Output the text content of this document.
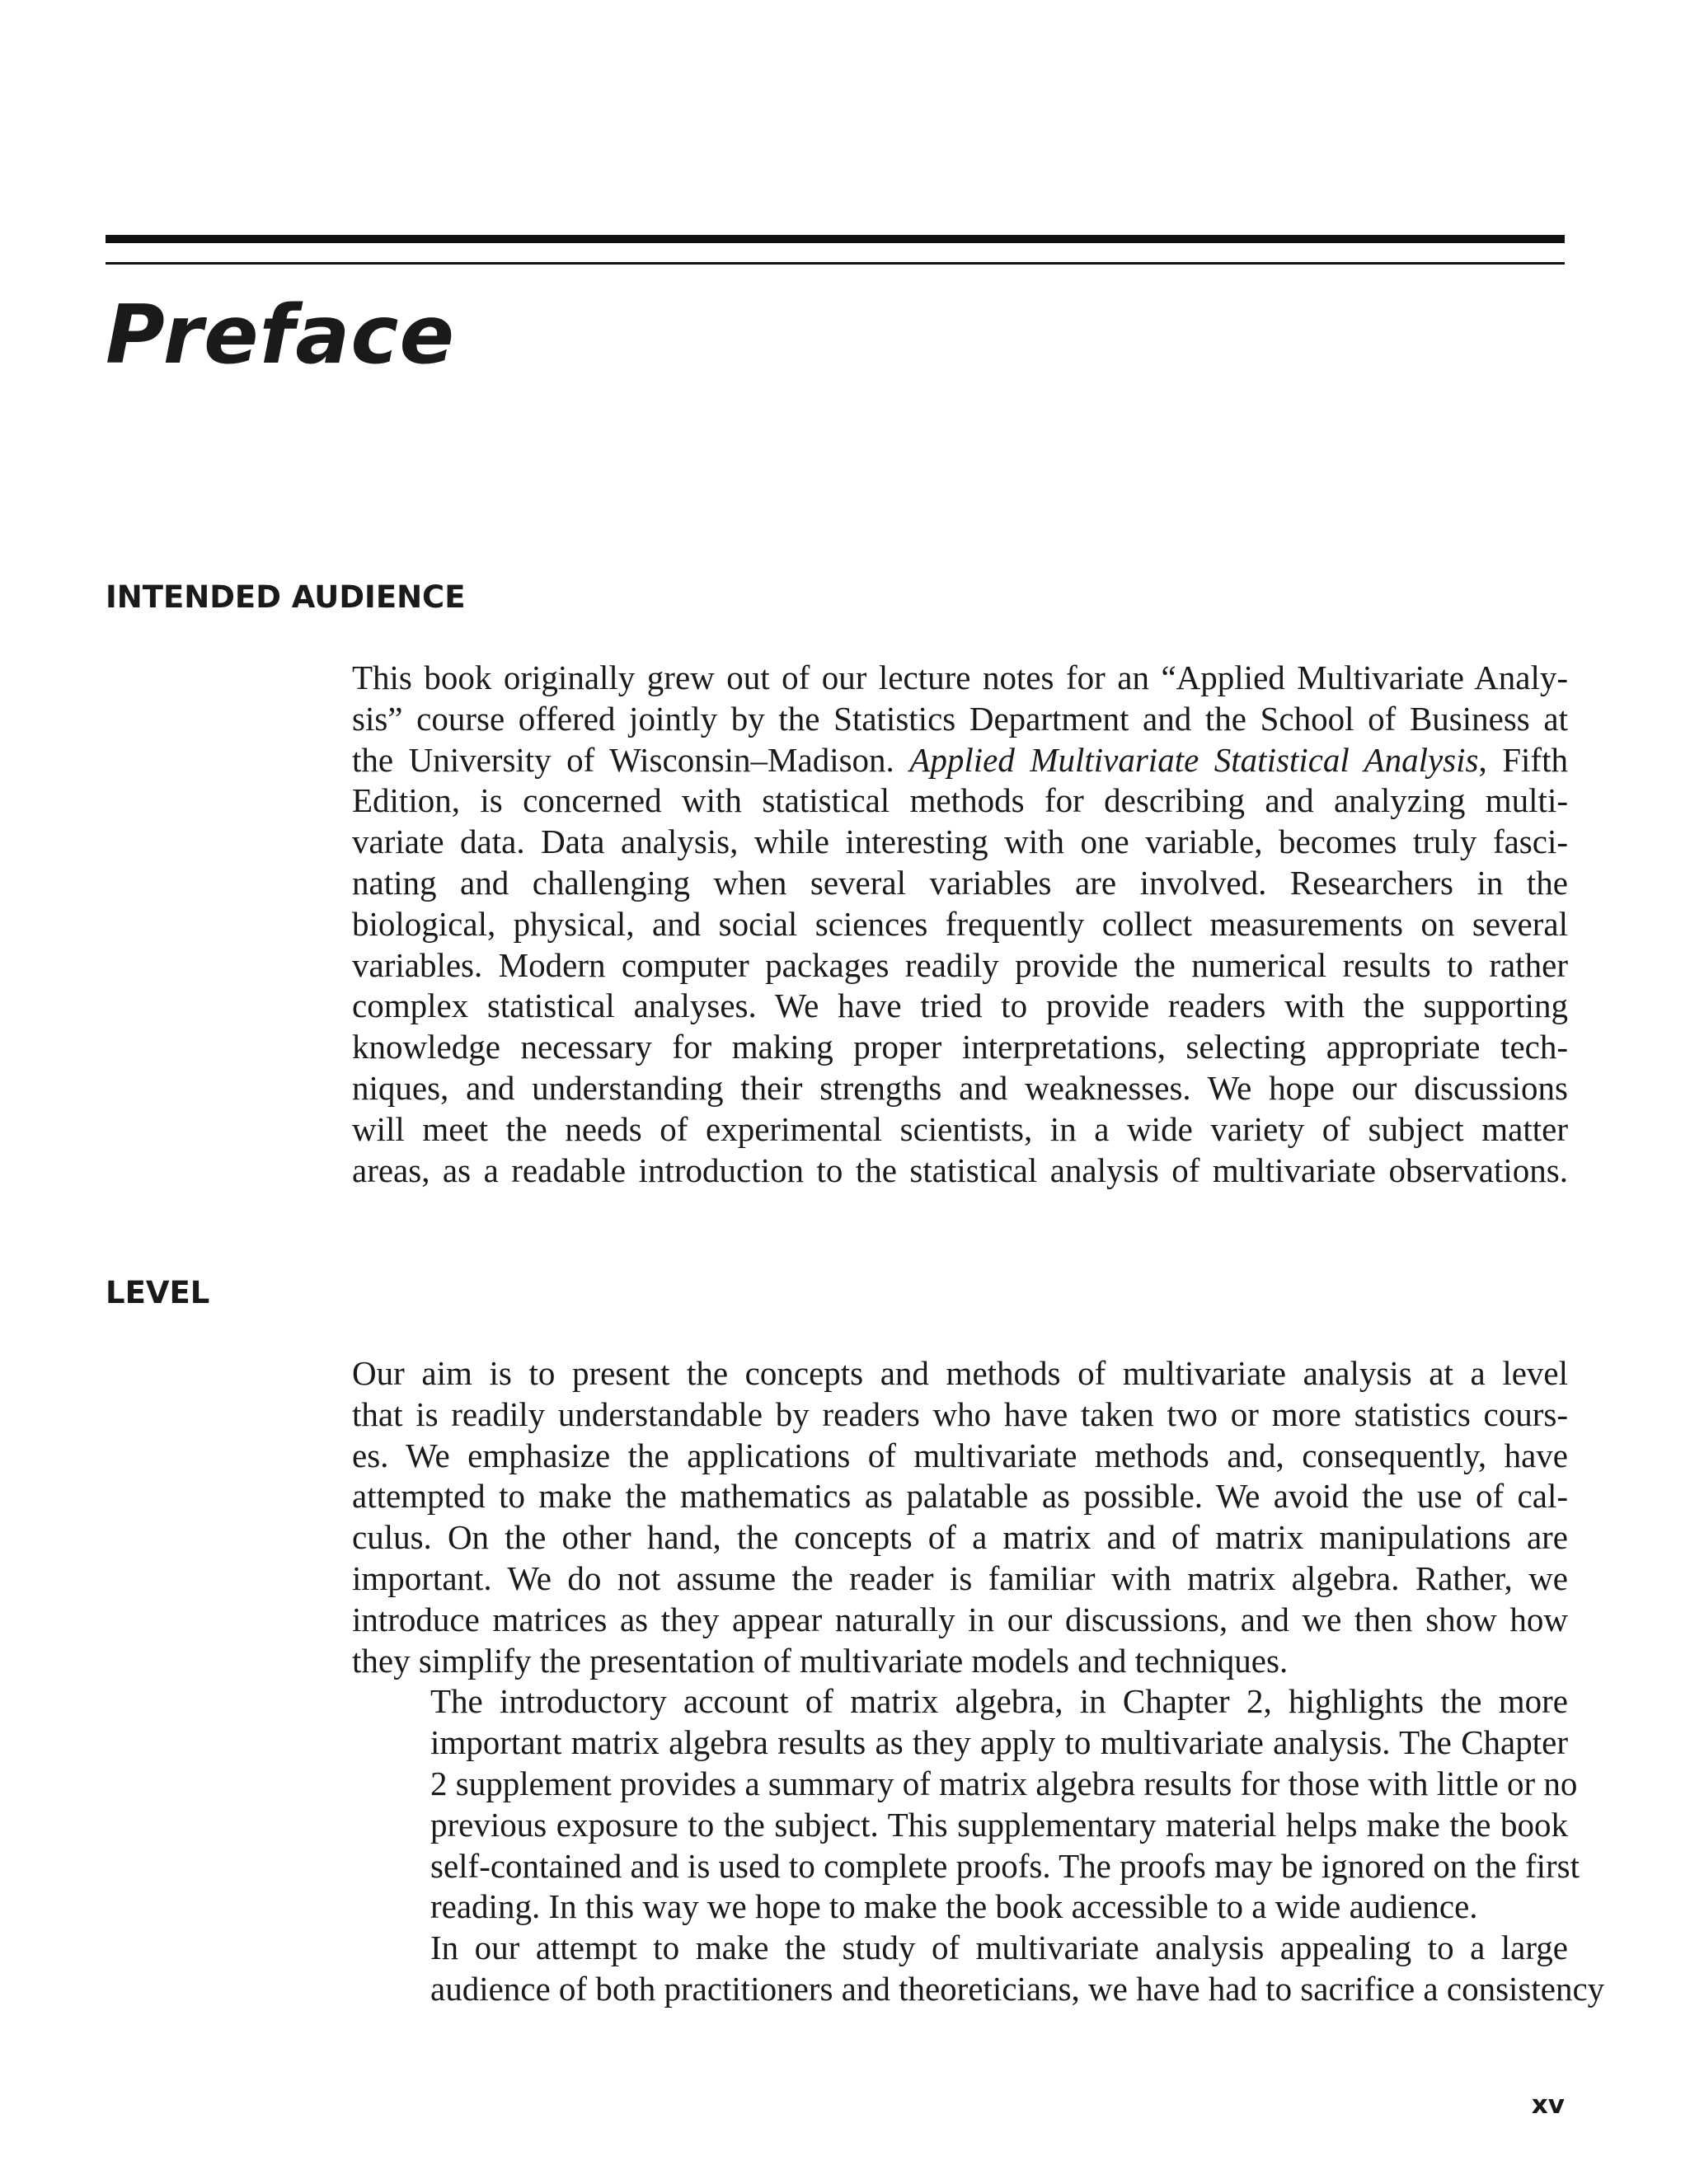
Preface
INTENDED AUDIENCE

This book originally grew out of our lecture notes for an “Applied Multivariate Analy-
sis” course offered jointly by the Statistics Department and the School of Business at
the University of Wisconsin–Madison. Applied Multivariate Statistical Analysis, Fifth
Edition, is concerned with statistical methods for describing and analyzing multi-
variate data. Data analysis, while interesting with one variable, becomes truly fasci-
nating and challenging when several variables are involved. Researchers in the
biological, physical, and social sciences frequently collect measurements on several
variables. Modern computer packages readily provide the numerical results to rather
complex statistical analyses. We have tried to provide readers with the supporting
knowledge necessary for making proper interpretations, selecting appropriate tech-
niques, and understanding their strengths and weaknesses. We hope our discussions
will meet the needs of experimental scientists, in a wide variety of subject matter
areas, as a readable introduction to the statistical analysis of multivariate observations.

LEVEL

Our aim is to present the concepts and methods of multivariate analysis at a level
that is readily understandable by readers who have taken two or more statistics cours-
es. We emphasize the applications of multivariate methods and, consequently, have
attempted to make the mathematics as palatable as possible. We avoid the use of cal-
culus. On the other hand, the concepts of a matrix and of matrix manipulations are
important. We do not assume the reader is familiar with matrix algebra. Rather, we
introduce matrices as they appear naturally in our discussions, and we then show how
they simplify the presentation of multivariate models and techniques.

The introductory account of matrix algebra, in Chapter 2, highlights the more
important matrix algebra results as they apply to multivariate analysis. The Chapter
2 supplement provides a summary of matrix algebra results for those with little or no
previous exposure to the subject. This supplementary material helps make the book
self-contained and is used to complete proofs. The proofs may be ignored on the first
reading. In this way we hope to make the book accessible to a wide audience.

In our attempt to make the study of multivariate analysis appealing to a large
audience of both practitioners and theoreticians, we have had to sacrifice a consistency

xv
